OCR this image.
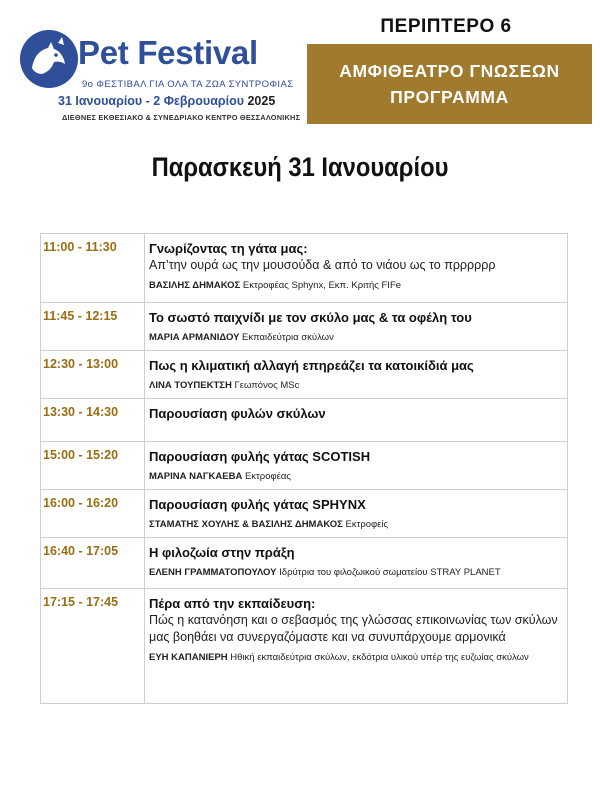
Pet Festival
9ο ΦΕΣΤΙΒΑΛ ΓΙΑ ΟΛΑ ΤΑ ΖΩΑ ΣΥΝΤΡΟΦΙΑΣ
31 Ιανουαρίου - 2 Φεβρουαρίου 2025
ΔΙΕΘΝΕΣ ΕΚΘΕΣΙΑΚΟ & ΣΥΝΕΔΡΙΑΚΟ ΚΕΝΤΡΟ ΘΕΣΣΑΛΟΝΙΚΗΣ
ΠΕΡΙΠΤΕΡΟ 6
ΑΜΦΙΘΕΑΤΡΟ ΓΝΩΣΕΩΝ
ΠΡΟΓΡΑΜΜΑ
Παρασκευή 31 Ιανουαρίου
11:00 - 11:30	Γνωρίζοντας τη γάτα μας:
Απ’την ουρά ως την μουσούδα & από το νιάου ως το πρρρρρρ
ΒΑΣΙΛΗΣ ΔΗΜΑΚΟΣ Εκτροφέας Sphynx, Εκπ. Κριτής FIFe
11:45 - 12:15	Το σωστό παιχνίδι με τον σκύλο μας & τα οφέλη του
ΜΑΡΙΑ ΑΡΜΑΝΙΔΟΥ Εκπαιδεύτρια σκύλων
12:30 - 13:00	Πως η κλιματική αλλαγή επηρεάζει τα κατοικίδιά μας
ΛΙΝΑ ΤΟΥΠΕΚΤΣΗ Γεωπόνος MSc
13:30 - 14:30	Παρουσίαση φυλών σκύλων
15:00 - 15:20	Παρουσίαση φυλής γάτας SCOTISH
ΜΑΡΙΝΑ ΝΑΓΚΑΕΒΑ Εκτροφέας
16:00 - 16:20	Παρουσίαση φυλής γάτας SPHYNX
ΣΤΑΜΑΤΗΣ ΧΟΥΛΗΣ & ΒΑΣΙΛΗΣ ΔΗΜΑΚΟΣ Εκτροφείς
16:40 - 17:05	Η φιλοζωία στην πράξη
ΕΛΕΝΗ ΓΡΑΜΜΑΤΟΠΟΥΛΟΥ Ιδρύτρια του φιλοζωικού σωματείου STRAY PLANET
17:15 - 17:45	Πέρα από την εκπαίδευση:
Πώς η κατανόηση και ο σεβασμός της γλώσσας επικοινωνίας των σκύλων μας βοηθάει να συνεργαζόμαστε και να συνυπάρχουμε αρμονικά
ΕΥΗ ΚΑΠΑΝΙΕΡΗ Ηθική εκπαιδεύτρια σκύλων, εκδότρια υλικού υπέρ της ευζωίας σκύλων
